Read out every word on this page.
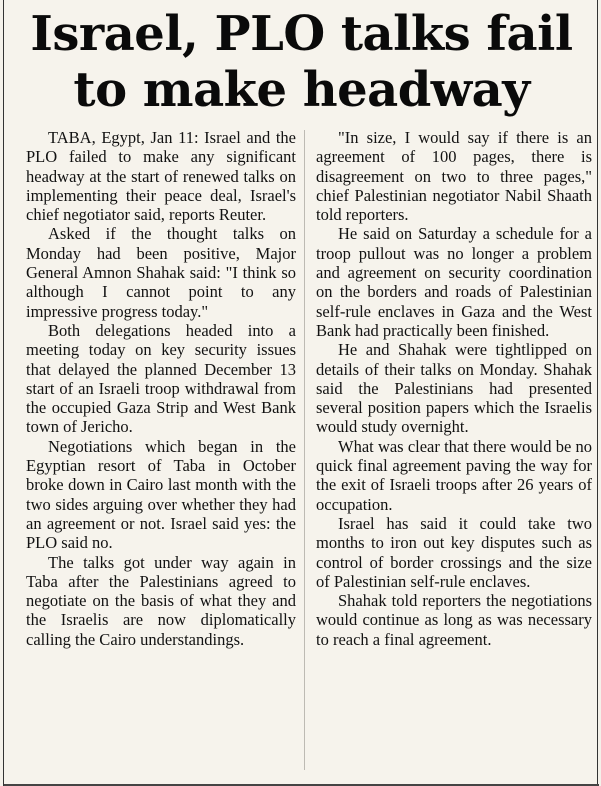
Israel, PLO talks fail
to make headway

TABA, Egypt, Jan 11: Israel and the PLO failed to make any significant headway at the start of renewed talks on implementing their peace deal, Israel's chief negotiator said, reports Reuter.

Asked if the thought talks on Monday had been positive, Major General Amnon Shahak said: "I think so although I cannot point to any impressive progress today."

Both delegations headed into a meeting today on key security issues that delayed the planned December 13 start of an Israeli troop withdrawal from the occupied Gaza Strip and West Bank town of Jericho.

Negotiations which began in the Egyptian resort of Taba in October broke down in Cairo last month with the two sides arguing over whether they had an agreement or not. Israel said yes: the PLO said no.

The talks got under way again in Taba after the Palestinians agreed to negotiate on the basis of what they and the Israelis are now diplomatically calling the Cairo understandings.

"In size, I would say if there is an agreement of 100 pages, there is disagreement on two to three pages," chief Palestinian negotiator Nabil Shaath told reporters.

He said on Saturday a schedule for a troop pullout was no longer a problem and agreement on security coordination on the borders and roads of Palestinian self-rule enclaves in Gaza and the West Bank had practically been finished.

He and Shahak were tightlipped on details of their talks on Monday. Shahak said the Palestinians had presented several position papers which the Israelis would study overnight.

What was clear that there would be no quick final agreement paving the way for the exit of Israeli troops after 26 years of occupation.

Israel has said it could take two months to iron out key disputes such as control of border crossings and the size of Palestinian self-rule enclaves.

Shahak told reporters the negotiations would continue as long as was necessary to reach a final agreement.
